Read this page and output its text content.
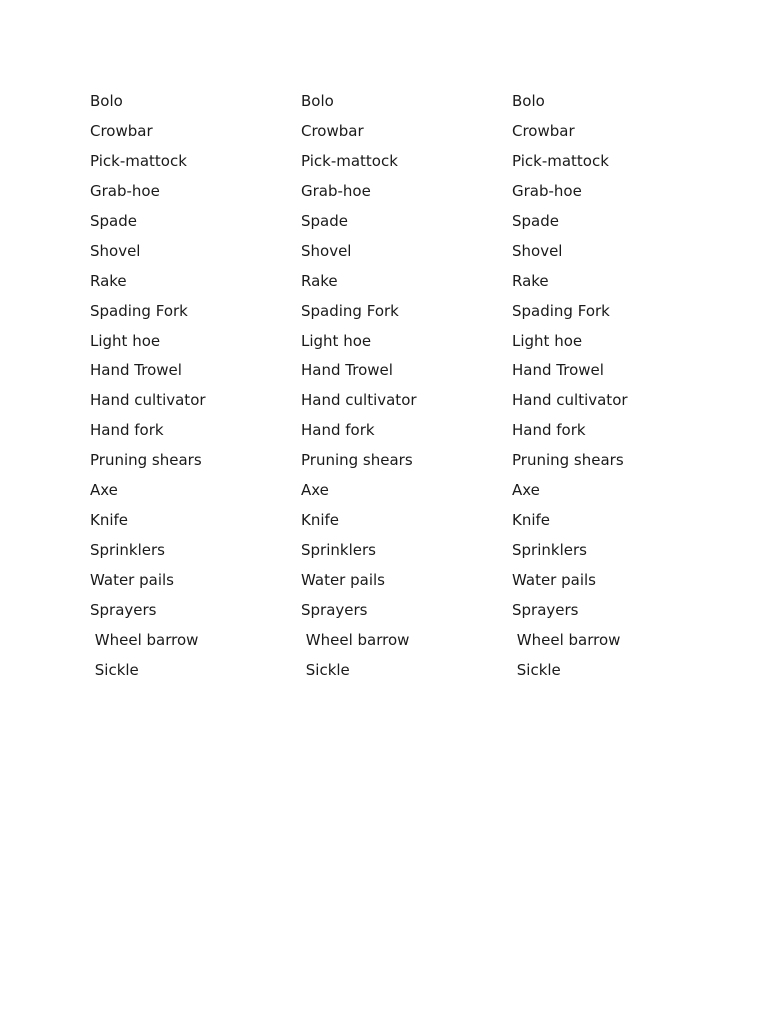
Bolo
Crowbar
Pick-mattock
Grab-hoe
Spade
Shovel
Rake
Spading Fork
Light hoe
Hand Trowel
Hand cultivator
Hand fork
Pruning shears
Axe
Knife
Sprinklers
Water pails
Sprayers
Wheel barrow
Sickle
Bolo
Crowbar
Pick-mattock
Grab-hoe
Spade
Shovel
Rake
Spading Fork
Light hoe
Hand Trowel
Hand cultivator
Hand fork
Pruning shears
Axe
Knife
Sprinklers
Water pails
Sprayers
Wheel barrow
Sickle
Bolo
Crowbar
Pick-mattock
Grab-hoe
Spade
Shovel
Rake
Spading Fork
Light hoe
Hand Trowel
Hand cultivator
Hand fork
Pruning shears
Axe
Knife
Sprinklers
Water pails
Sprayers
Wheel barrow
Sickle
